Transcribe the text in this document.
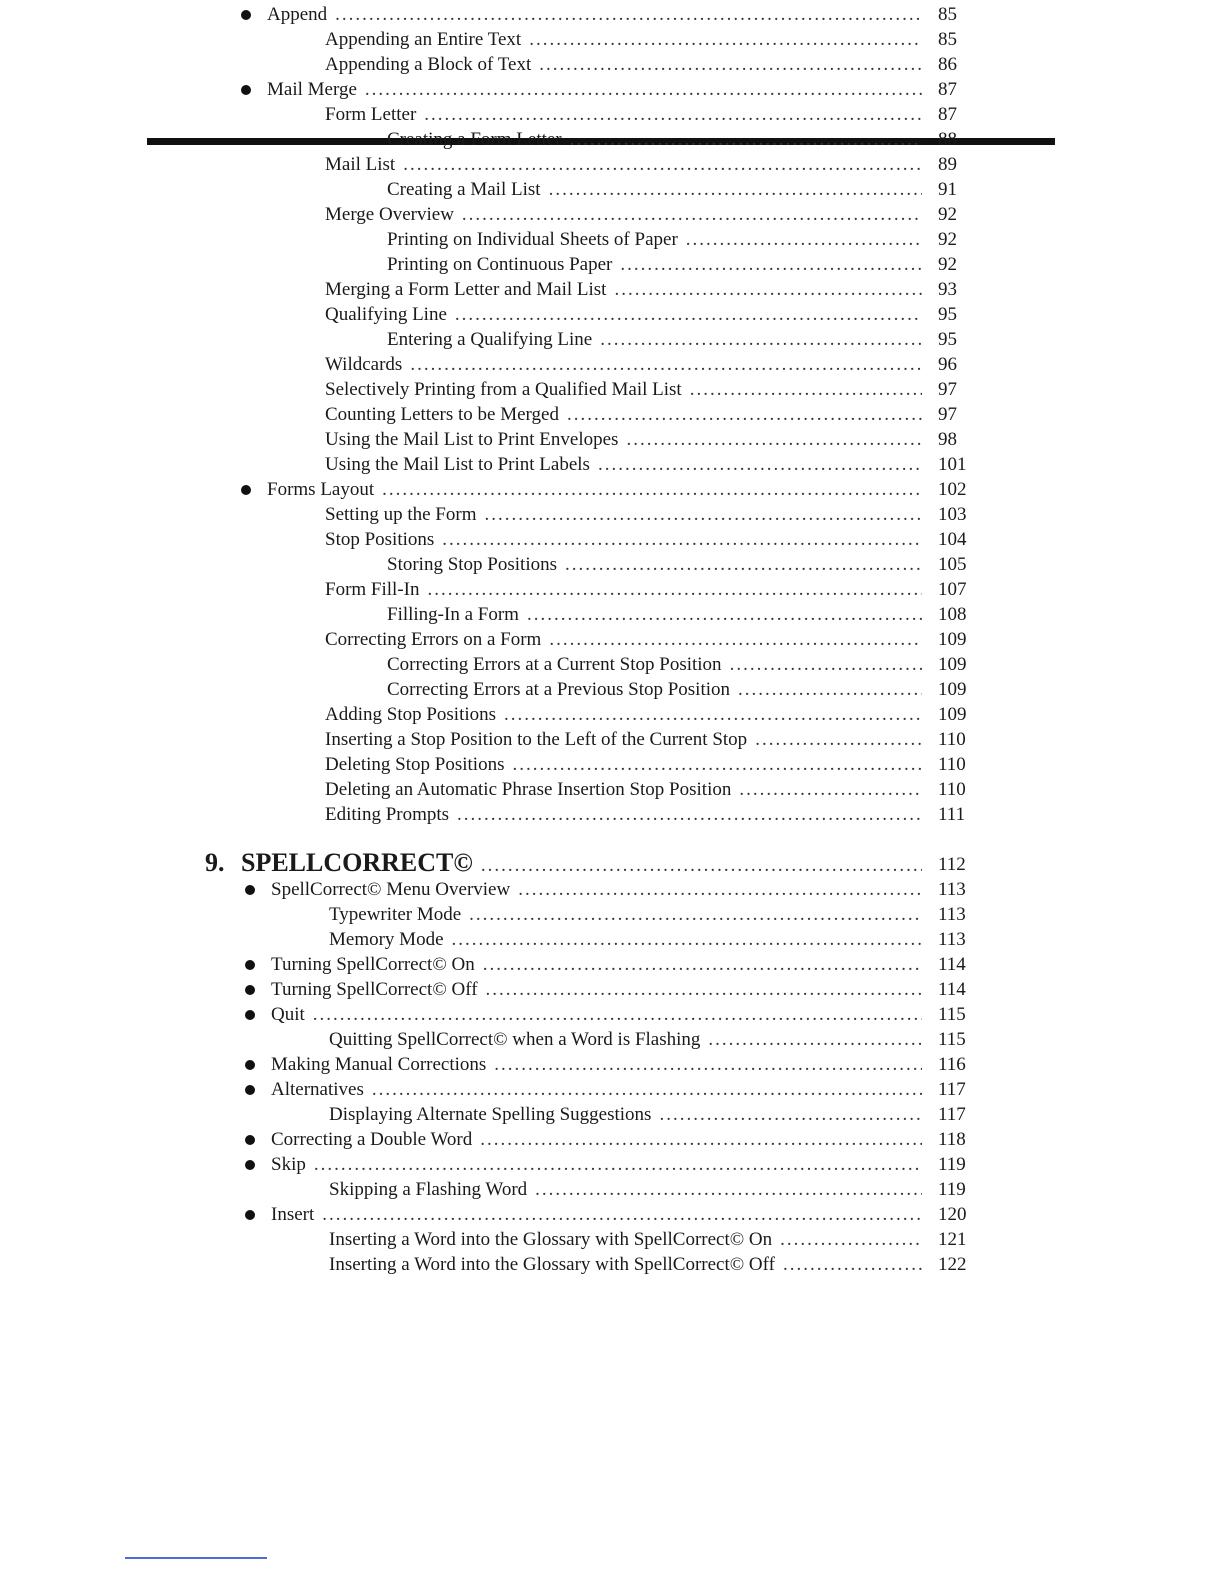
Append .....	85
Appending an Entire Text .....	85
Appending a Block of Text .....	86
Mail Merge .....	87
Form Letter .....	87
Creating a Form Letter .....	88
Mail List .....	89
Creating a Mail List .....	91
Merge Overview .....	92
Printing on Individual Sheets of Paper .....	92
Printing on Continuous Paper .....	92
Merging a Form Letter and Mail List .....	93
Qualifying Line .....	95
Entering a Qualifying Line .....	95
Wildcards .....	96
Selectively Printing from a Qualified Mail List .....	97
Counting Letters to be Merged .....	97
Using the Mail List to Print Envelopes .....	98
Using the Mail List to Print Labels .....	101
Forms Layout .....	102
Setting up the Form .....	103
Stop Positions .....	104
Storing Stop Positions .....	105
Form Fill-In .....	107
Filling-In a Form .....	108
Correcting Errors on a Form .....	109
Correcting Errors at a Current Stop Position .....	109
Correcting Errors at a Previous Stop Position .....	109
Adding Stop Positions .....	109
Inserting a Stop Position to the Left of the Current Stop .....	110
Deleting Stop Positions .....	110
Deleting an Automatic Phrase Insertion Stop Position .....	110
Editing Prompts .....	111
9. SPELLCORRECT© .....	112
SpellCorrect© Menu Overview .....	113
Typewriter Mode .....	113
Memory Mode .....	113
Turning SpellCorrect© On .....	114
Turning SpellCorrect© Off .....	114
Quit .....	115
Quitting SpellCorrect© when a Word is Flashing .....	115
Making Manual Corrections .....	116
Alternatives .....	117
Displaying Alternate Spelling Suggestions .....	117
Correcting a Double Word .....	118
Skip .....	119
Skipping a Flashing Word .....	119
Insert .....	120
Inserting a Word into the Glossary with SpellCorrect© On .....	121
Inserting a Word into the Glossary with SpellCorrect© Off .....	122
